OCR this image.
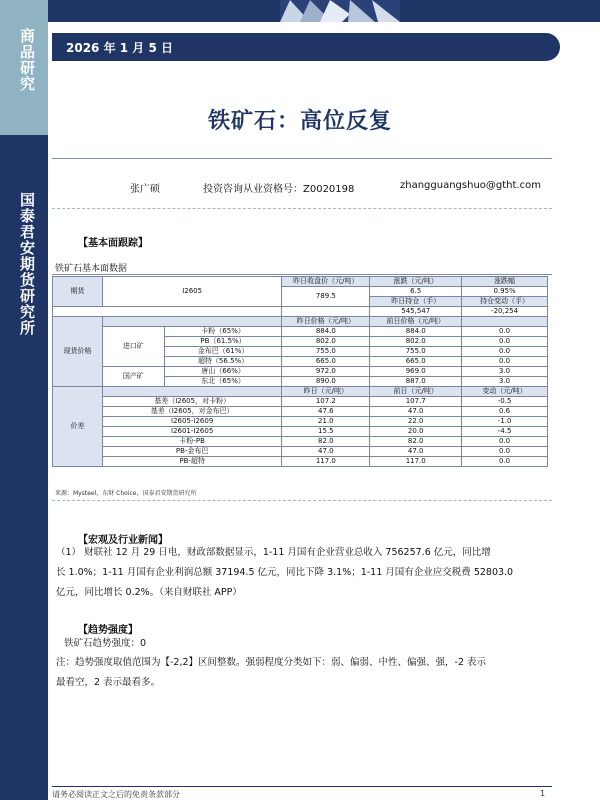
商品研究
国泰君安期货研究所
2026 年 1 月 5 日
铁矿石：高位反复
张广硕	投资咨询从业资格号：Z0020198	zhangguangshuo@gtht.com
【基本面跟踪】
铁矿石基本面数据
期货	I2605		昨日收盘价（元/吨）	涨跌（元/吨）	涨跌幅
			789.5	6.5	0.95%
				昨日持仓（手）	持仓变动（手）
				545,547	-20,254
现货价格			昨日价格（元/吨）	前日价格（元/吨）	
	进口矿	卡粉（65%）	884.0	884.0	0.0
		PB（61.5%）	802.0	802.0	0.0
		金布巴（61%）	755.0	755.0	0.0
		超特（56.5%）	665.0	665.0	0.0
	国产矿	唐山（66%）	972.0	969.0	3.0
		东北（65%）	890.0	887.0	3.0
价差			昨日（元/吨）	前日（元/吨）	变动（元/吨）
	基差（I2605，对卡粉）		107.2	107.7	-0.5
	基差（I2605，对金布巴）		47.6	47.0	0.6
	I2605-I2609		21.0	22.0	-1.0
	I2601-I2605		15.5	20.0	-4.5
	卡粉-PB		82.0	82.0	0.0
	PB-金布巴		47.0	47.0	0.0
	PB-超特		117.0	117.0	0.0
来源：Mysteel，东财 Choice，国泰君安期货研究所
【宏观及行业新闻】
（1） 财联社 12 月 29 日电，财政部数据显示，1-11 月国有企业营业总收入 756257.6 亿元，同比增
长 1.0%；1-11 月国有企业利润总额 37194.5 亿元，同比下降 3.1%；1-11 月国有企业应交税费 52803.0
亿元，同比增长 0.2%。（来自财联社 APP）
【趋势强度】
铁矿石趋势强度：0
注：趋势强度取值范围为【-2,2】区间整数。强弱程度分类如下：弱、偏弱、中性、偏强、强，-2 表示
最看空，2 表示最看多。
请务必阅读正文之后的免责条款部分	1
